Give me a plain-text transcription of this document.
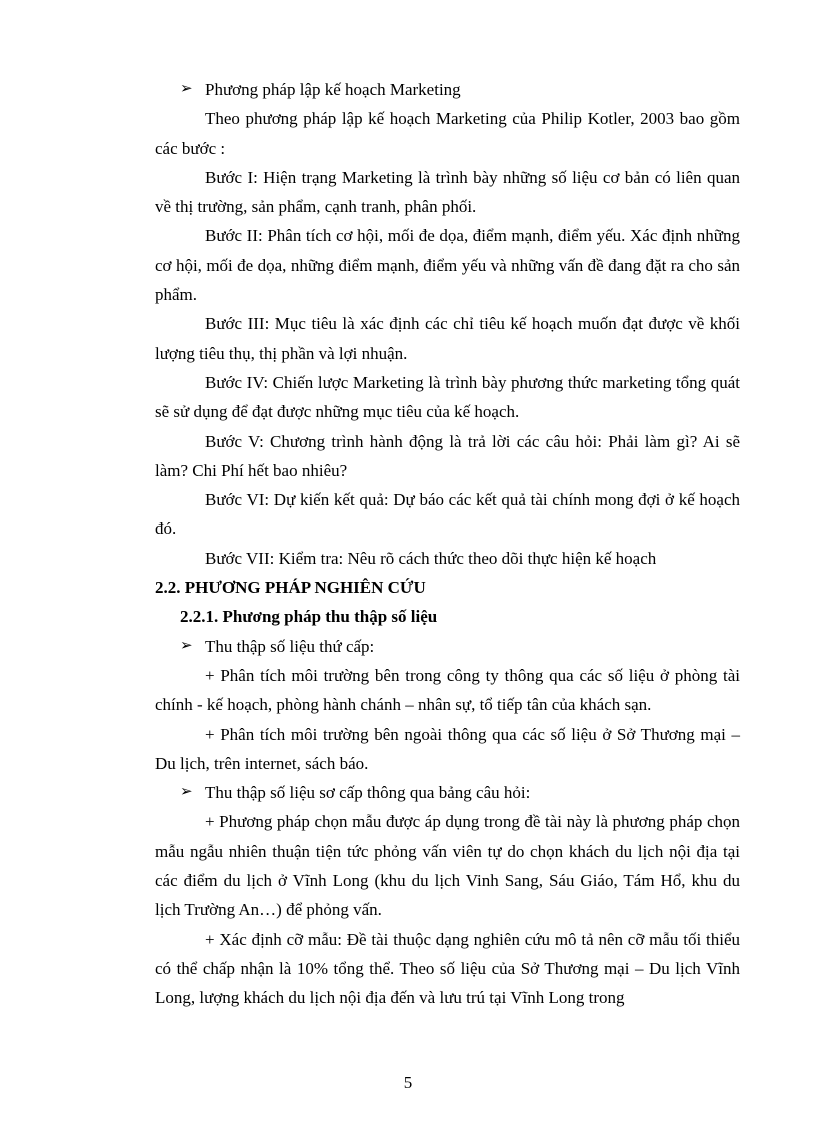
➢ Phương pháp lập kế hoạch Marketing

Theo phương pháp lập kế hoạch Marketing của Philip Kotler, 2003 bao gồm các bước :

Bước I: Hiện trạng Marketing là trình bày những số liệu cơ bản có liên quan về thị trường, sản phẩm, cạnh tranh, phân phối.

Bước II: Phân tích cơ hội, mối đe dọa, điểm mạnh, điểm yếu. Xác định những cơ hội, mối đe dọa, những điểm mạnh, điểm yếu và những vấn đề đang đặt ra cho sản phẩm.

Bước III: Mục tiêu là xác định các chỉ tiêu kế hoạch muốn đạt được về khối lượng tiêu thụ, thị phần và lợi nhuận.

Bước IV: Chiến lược Marketing là trình bày phương thức marketing tổng quát sẽ sử dụng để đạt được những mục tiêu của kế hoạch.

Bước V: Chương trình hành động là trả lời các câu hỏi: Phải làm gì? Ai sẽ làm? Chi Phí hết bao nhiêu?

Bước VI: Dự kiến kết quả: Dự báo các kết quả tài chính mong đợi ở kế hoạch đó.

Bước VII: Kiểm tra: Nêu rõ cách thức theo dõi thực hiện kế hoạch

2.2. PHƯƠNG PHÁP NGHIÊN CỨU

2.2.1. Phương pháp thu thập số liệu

➢ Thu thập số liệu thứ cấp:

+ Phân tích môi trường bên trong công ty thông qua các số liệu ở phòng tài chính - kế hoạch, phòng hành chánh – nhân sự, tổ tiếp tân của khách sạn.

+ Phân tích môi trường bên ngoài thông qua các số liệu ở Sở Thương mại – Du lịch, trên internet, sách báo.

➢ Thu thập số liệu sơ cấp thông qua bảng câu hỏi:

+ Phương pháp chọn mẫu được áp dụng trong đề tài này là phương pháp chọn mẫu ngẫu nhiên thuận tiện tức phỏng vấn viên tự do chọn khách du lịch nội địa tại các điểm du lịch ở Vĩnh Long (khu du lịch Vinh Sang, Sáu Giáo, Tám Hổ, khu du lịch Trường An…) để phỏng vấn.

+ Xác định cỡ mẫu: Đề tài thuộc dạng nghiên cứu mô tả nên cỡ mẫu tối thiểu có thể chấp nhận là 10% tổng thể. Theo số liệu của Sở Thương mại – Du lịch Vĩnh Long, lượng khách du lịch nội địa đến và lưu trú tại Vĩnh Long trong

5
